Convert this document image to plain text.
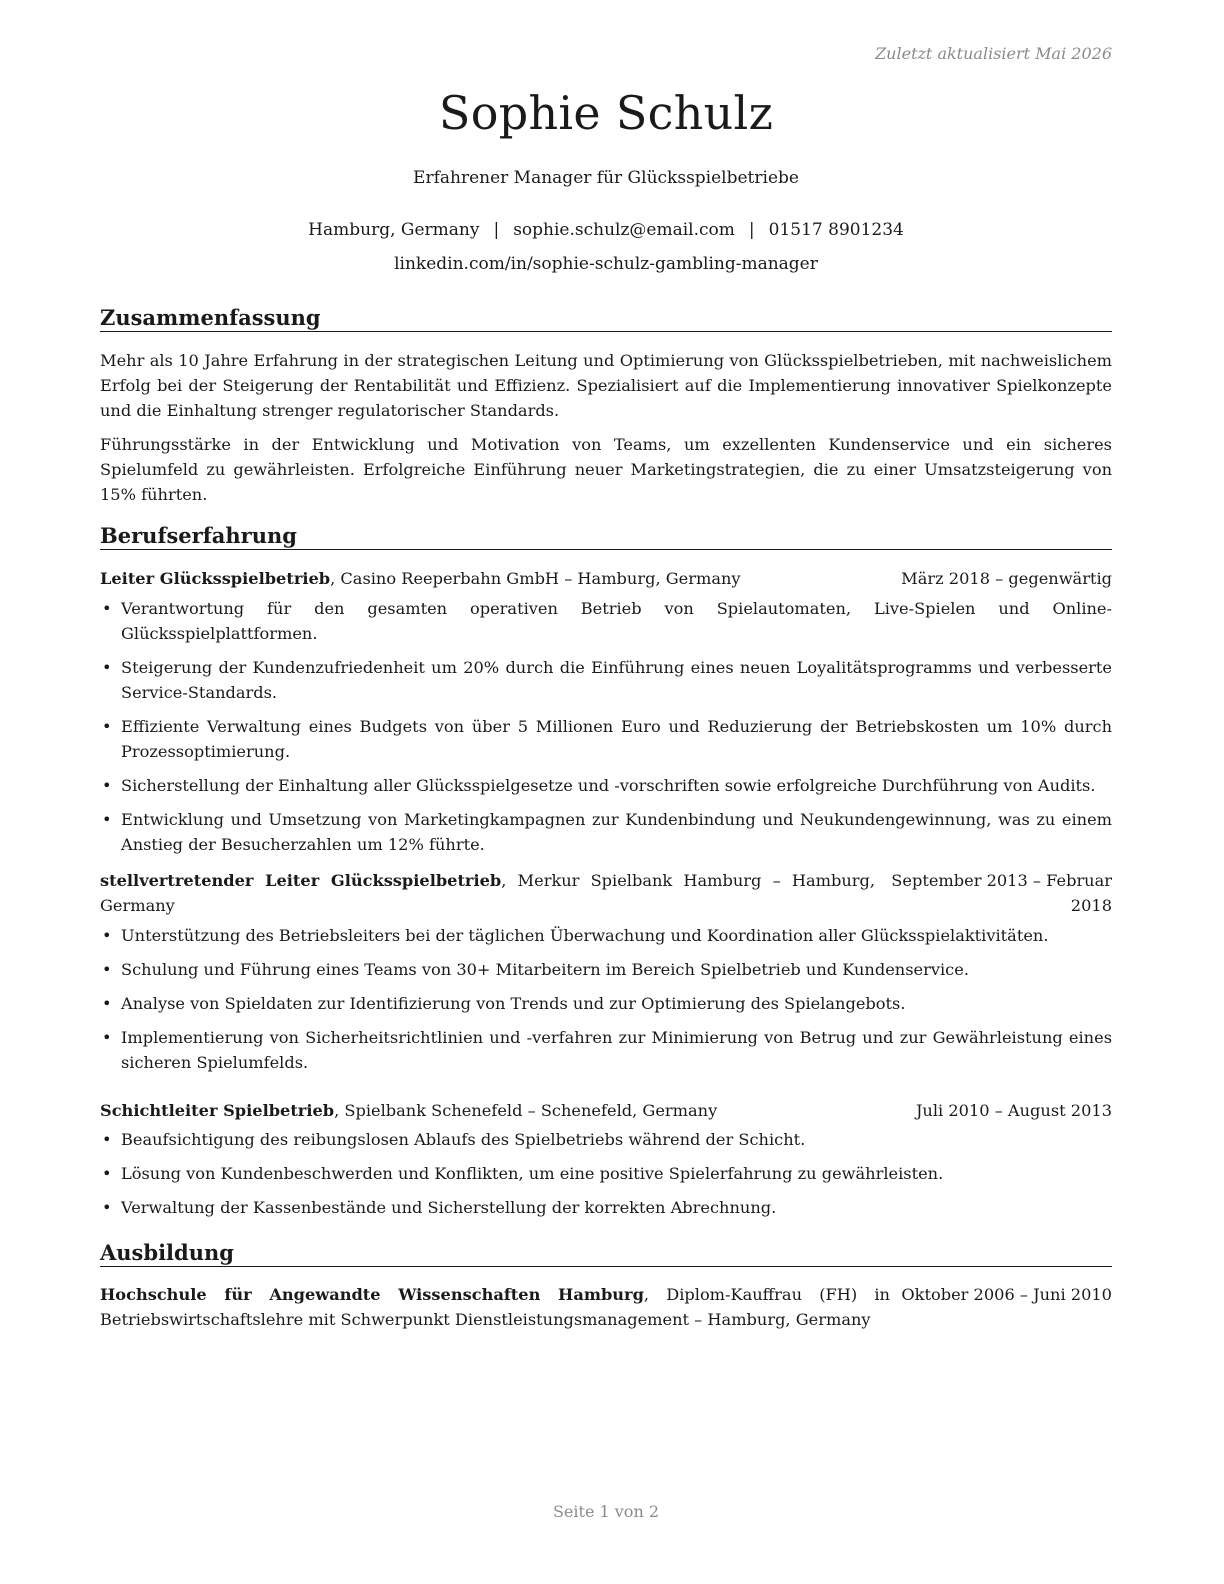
Zuletzt aktualisiert Mai 2026
Sophie Schulz
Erfahrener Manager für Glücksspielbetriebe
Hamburg, Germany | sophie.schulz@email.com | 01517 8901234
linkedin.com/in/sophie-schulz-gambling-manager
Zusammenfassung
Mehr als 10 Jahre Erfahrung in der strategischen Leitung und Optimierung von Glücksspielbetrieben, mit nachweislichem Erfolg bei der Steigerung der Rentabilität und Effizienz. Spezialisiert auf die Implementierung innovativer Spielkonzepte und die Einhaltung strenger regulatorischer Standards.
Führungsstärke in der Entwicklung und Motivation von Teams, um exzellenten Kundenservice und ein sicheres Spielumfeld zu gewährleisten. Erfolgreiche Einführung neuer Marketingstrategien, die zu einer Umsatzsteigerung von 15% führten.
Berufserfahrung
Leiter Glücksspielbetrieb, Casino Reeperbahn GmbH – Hamburg, Germany	März 2018 – gegenwärtig
• Verantwortung für den gesamten operativen Betrieb von Spielautomaten, Live-Spielen und Online-Glücksspielplattformen.
• Steigerung der Kundenzufriedenheit um 20% durch die Einführung eines neuen Loyalitätsprogramms und verbesserte Service-Standards.
• Effiziente Verwaltung eines Budgets von über 5 Millionen Euro und Reduzierung der Betriebskosten um 10% durch Prozessoptimierung.
• Sicherstellung der Einhaltung aller Glücksspielgesetze und -vorschriften sowie erfolgreiche Durchführung von Audits.
• Entwicklung und Umsetzung von Marketingkampagnen zur Kundenbindung und Neukundengewinnung, was zu einem Anstieg der Besucherzahlen um 12% führte.
stellvertretender Leiter Glücksspielbetrieb, Merkur Spielbank Hamburg – Hamburg, Germany
September 2013 – Februar 2018
• Unterstützung des Betriebsleiters bei der täglichen Überwachung und Koordination aller Glücksspielaktivitäten.
• Schulung und Führung eines Teams von 30+ Mitarbeitern im Bereich Spielbetrieb und Kundenservice.
• Analyse von Spieldaten zur Identifizierung von Trends und zur Optimierung des Spielangebots.
• Implementierung von Sicherheitsrichtlinien und -verfahren zur Minimierung von Betrug und zur Gewährleistung eines sicheren Spielumfelds.
Schichtleiter Spielbetrieb, Spielbank Schenefeld – Schenefeld, Germany	Juli 2010 – August 2013
• Beaufsichtigung des reibungslosen Ablaufs des Spielbetriebs während der Schicht.
• Lösung von Kundenbeschwerden und Konflikten, um eine positive Spielerfahrung zu gewährleisten.
• Verwaltung der Kassenbestände und Sicherstellung der korrekten Abrechnung.
Ausbildung
Hochschule für Angewandte Wissenschaften Hamburg, Diplom-Kauffrau (FH) in Betriebswirtschaftslehre mit Schwerpunkt Dienstleistungsmanagement – Hamburg, Germany
Oktober 2006 – Juni 2010
Seite 1 von 2
